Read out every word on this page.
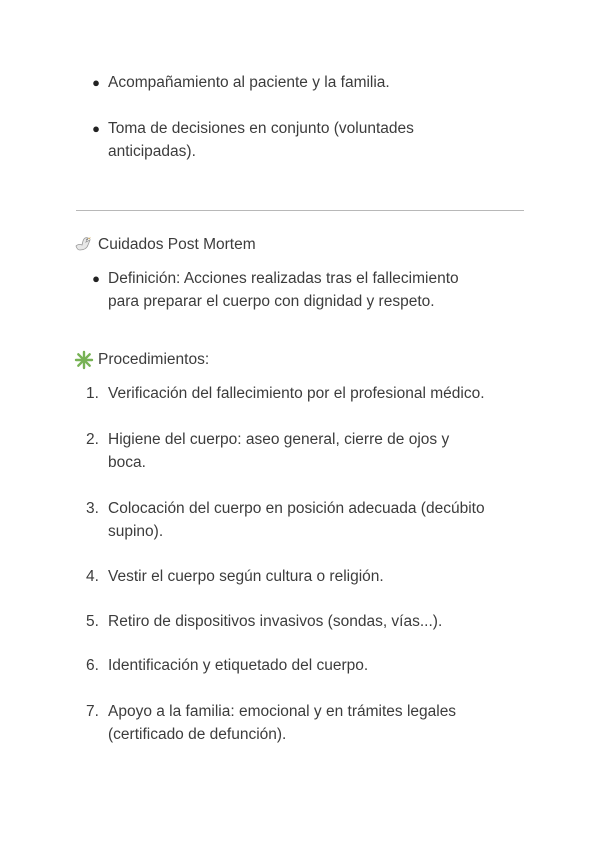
● Acompañamiento al paciente y la familia.
● Toma de decisiones en conjunto (voluntades
anticipadas).
Cuidados Post Mortem
● Definición: Acciones realizadas tras el fallecimiento
para preparar el cuerpo con dignidad y respeto.
Procedimientos:
1. Verificación del fallecimiento por el profesional médico.
2. Higiene del cuerpo: aseo general, cierre de ojos y
boca.
3. Colocación del cuerpo en posición adecuada (decúbito
supino).
4. Vestir el cuerpo según cultura o religión.
5. Retiro de dispositivos invasivos (sondas, vías...).
6. Identificación y etiquetado del cuerpo.
7. Apoyo a la familia: emocional y en trámites legales
(certificado de defunción).
